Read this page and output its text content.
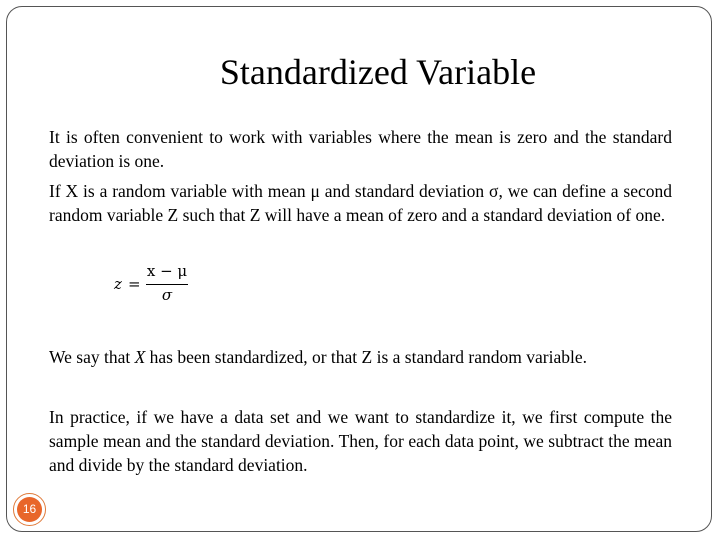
Standardized Variable

It is often convenient to work with variables where the mean is zero and the standard deviation is one.

If X is a random variable with mean μ and standard deviation σ, we can define a second random variable Z such that Z will have a mean of zero and a standard deviation of one.

z =
x − μ
σ

We say that X has been standardized, or that Z is a standard random variable.

In practice, if we have a data set and we want to standardize it, we first compute the sample mean and the standard deviation. Then, for each data point, we subtract the mean and divide by the standard deviation.

16
